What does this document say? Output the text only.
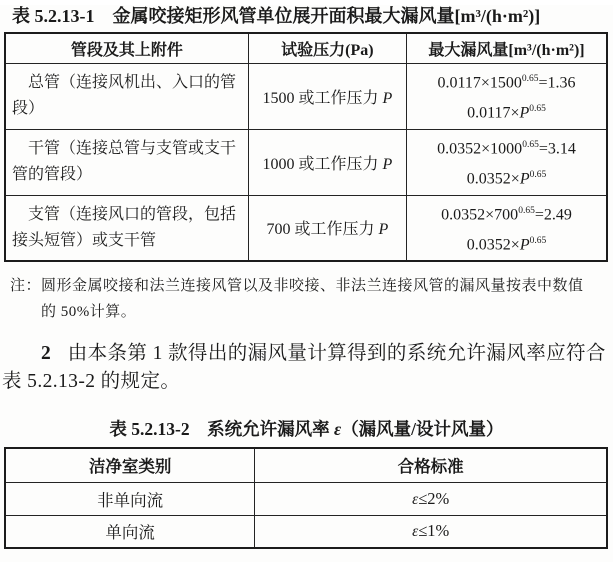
表 5.2.13-1　金属咬接矩形风管单位展开面积最大漏风量[m³/(h·m²)]
管段及其上附件	试验压力(Pa)	最大漏风量[m³/(h·m²)]

总管（连接风机出、入口的管段）	1500 或工作压力 P	$0.0117\times 1500^{0.65}=1.36$
$0.0117\times P^{0.65}$

干管（连接总管与支管或支干管的管段）	1000 或工作压力 P	$0.0352\times 1000^{0.65}=3.14$
$0.0352\times P^{0.65}$

支管（连接风口的管段，包括接头短管）或支干管	700 或工作压力 P	$0.0352\times 700^{0.65}=2.49$
$0.0352\times P^{0.65}$
注： 圆形金属咬接和法兰连接风管以及非咬接、非法兰连接风管的漏风量按表中数值的 50%计算。

2 由本条第 1 款得出的漏风量计算得到的系统允许漏风率应符合表 5.2.13-2 的规定。

表 5.2.13-2　系统允许漏风率 ε（漏风量/设计风量）
洁净室类别	合格标准
非单向流	ε≤2%
单向流	ε≤1%
